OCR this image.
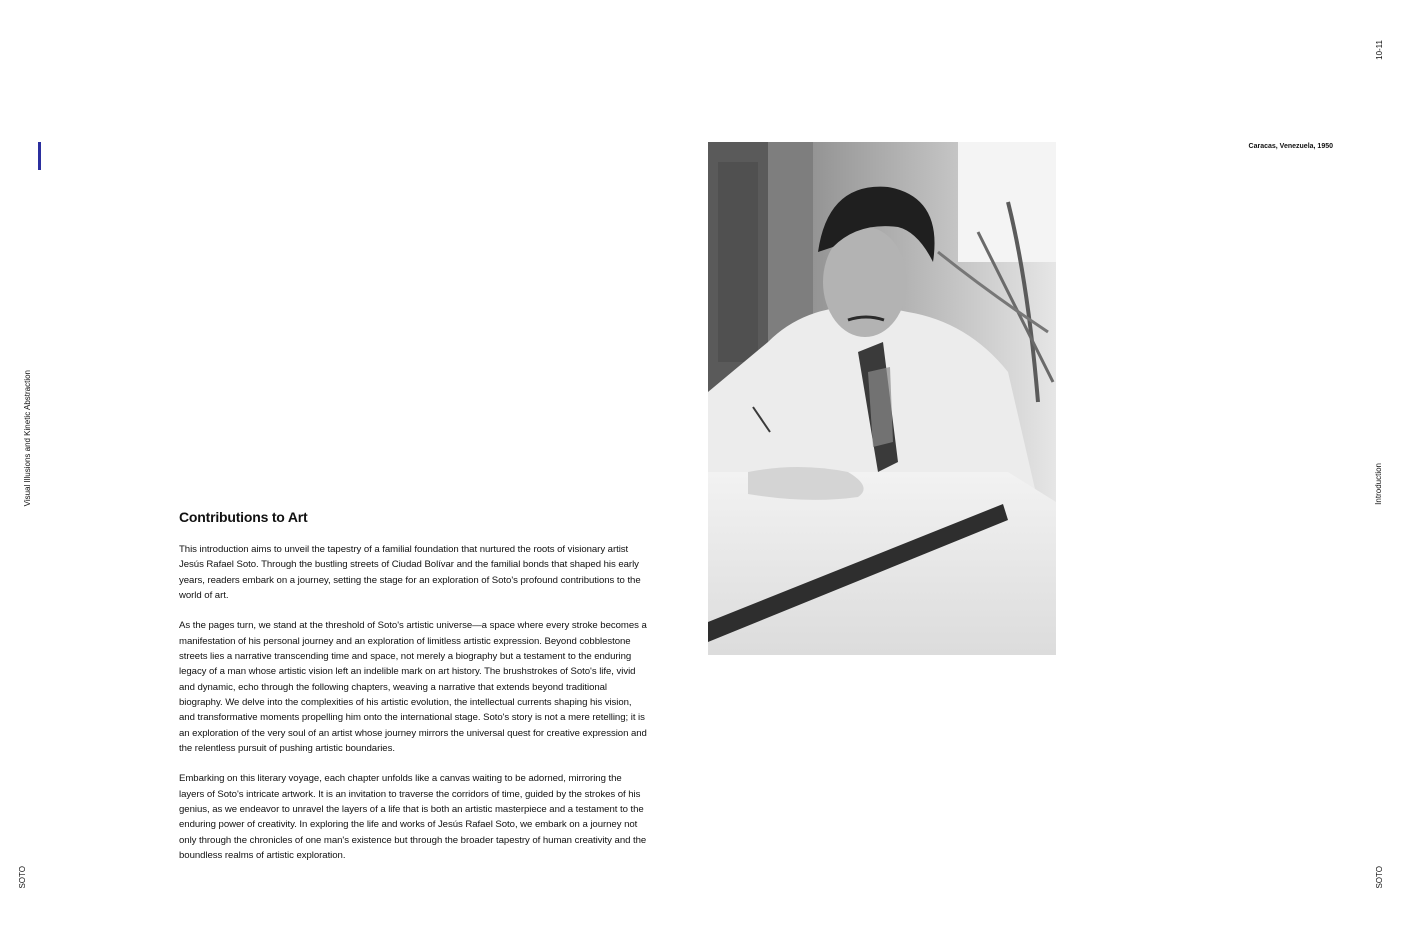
Visual Illusions and Kinetic Abstraction
SOTO
10-11
Introduction
SOTO
Caracas, Venezuela, 1950
Contributions to Art

This introduction aims to unveil the tapestry of a familial foundation that nurtured the roots of visionary artist Jesús Rafael Soto. Through the bustling streets of Ciudad Bolívar and the familial bonds that shaped his early years, readers embark on a journey, setting the stage for an exploration of Soto's profound contributions to the world of art.

As the pages turn, we stand at the threshold of Soto's artistic universe—a space where every stroke becomes a manifestation of his personal journey and an exploration of limitless artistic expression. Beyond cobblestone streets lies a narrative transcending time and space, not merely a biography but a testament to the enduring legacy of a man whose artistic vision left an indelible mark on art history. The brushstrokes of Soto's life, vivid and dynamic, echo through the following chapters, weaving a narrative that extends beyond traditional biography. We delve into the complexities of his artistic evolution, the intellectual currents shaping his vision, and transformative moments propelling him onto the international stage. Soto's story is not a mere retelling; it is an exploration of the very soul of an artist whose journey mirrors the universal quest for creative expression and the relentless pursuit of pushing artistic boundaries.

Embarking on this literary voyage, each chapter unfolds like a canvas waiting to be adorned, mirroring the layers of Soto's intricate artwork. It is an invitation to traverse the corridors of time, guided by the strokes of his genius, as we endeavor to unravel the layers of a life that is both an artistic masterpiece and a testament to the enduring power of creativity. In exploring the life and works of Jesús Rafael Soto, we embark on a journey not only through the chronicles of one man's existence but through the broader tapestry of human creativity and the boundless realms of artistic exploration.
